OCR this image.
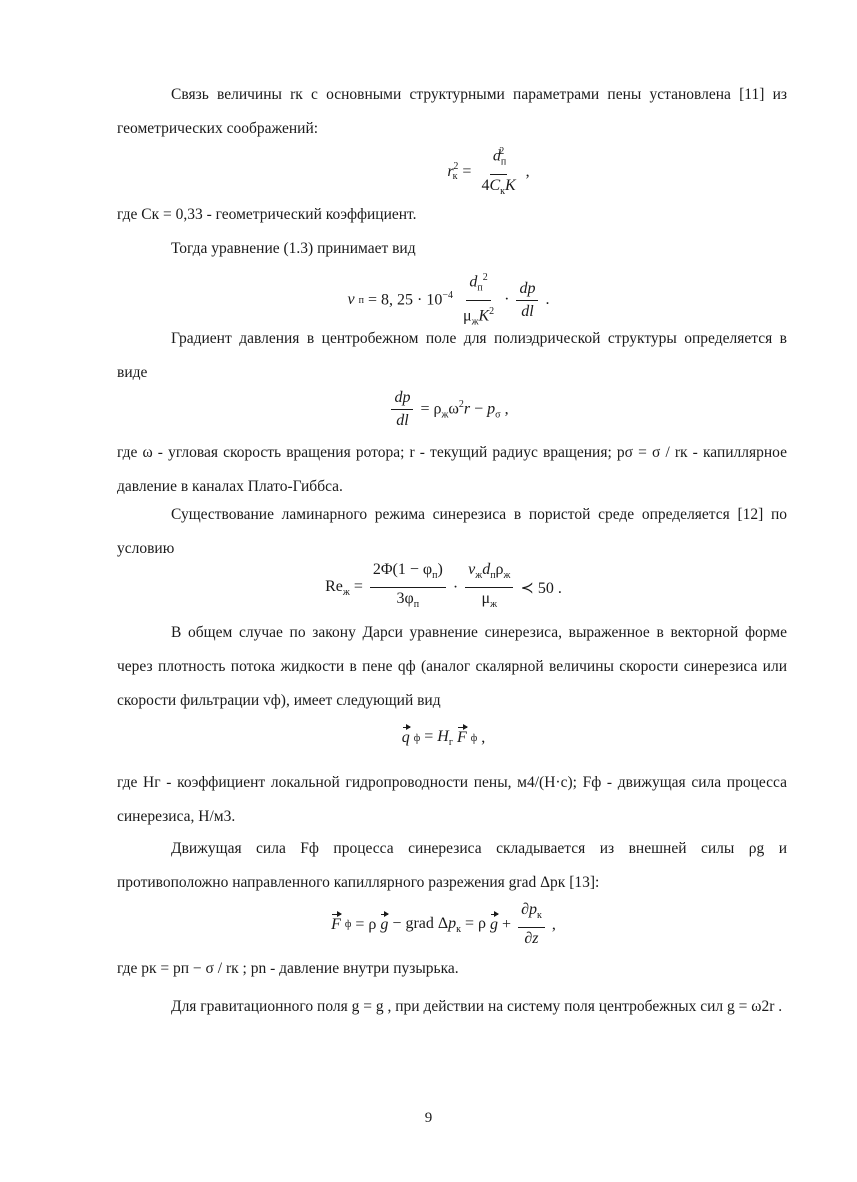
Связь величины rк с основными структурными параметрами пены установлена [11] из геометрических соображений:

$r_к$
$2 = \frac{d_п^2}{4C_кK}$ ,

где Cк = 0,33 - геометрический коэффициент.

Тогда уравнение (1.3) принимает вид

v п = 8, $25 \cdot 10^{-4} \frac{d_п^2}{\mu_жK^2} \cdot \frac{dp}{dl}$ .

Градиент давления в центробежном поле для полиэдрической структуры определяется в виде

$\frac{dp}{dl} = \rho_ж\omega^2r - p_\sigma$ ,

где ω - угловая скорость вращения ротора; r - текущий радиус вращения; pσ = σ / rк - капиллярное давление в каналах Плато-Гиббса.

Существование ламинарного режима синерезиса в пористой среде определяется [12] по условию

$Re_ж = \frac{2\Phi(1 - \varphi_п)}{3\varphi_п} \cdot \frac{v_жd_п\rho_ж}{\mu_ж}$ ≺ 50 .

В общем случае по закону Дарси уравнение синерезиса, выраженное в векторной форме через плотность потока жидкости в пене qф (аналог скалярной величины скорости синерезиса или скорости фильтрации vф), имеет следующий вид

q $ф = H_г$ F ф ,

где Hг - коэффициент локальной гидропроводности пены, м4/(Н·с); Fф - движущая сила процесса синерезиса, Н/м3.

Движущая сила Fф процесса синерезиса складывается из внешней силы ρg и противоположно направленного капиллярного разрежения grad Δpк [13]:

F ф = ρ g − grad $\Delta p_к = \rho$ $g + \frac{\partial p_к}{\partial z}$ ,

где pк = pп − σ / rк ; pn - давление внутри пузырька.

Для гравитационного поля g = g , при действии на систему поля центробежных сил g = ω2r .

9
